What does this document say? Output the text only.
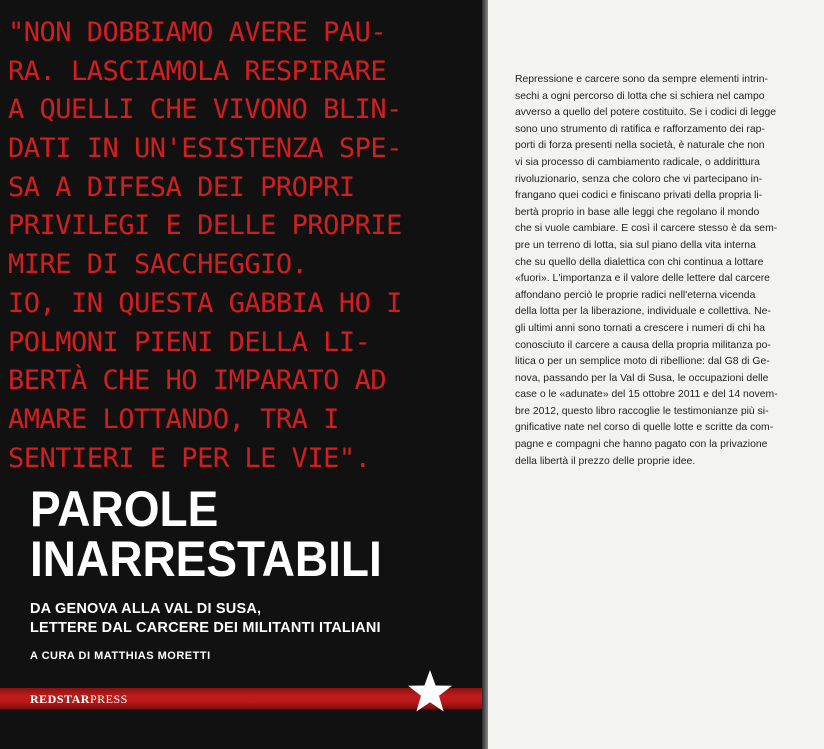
"NON DOBBIAMO AVERE PAU-
RA. LASCIAMOLA RESPIRARE
A QUELLI CHE VIVONO BLIN-
DATI IN UN'ESISTENZA SPE-
SA A DIFESA DEI PROPRI
PRIVILEGI E DELLE PROPRIE
MIRE DI SACCHEGGIO.
IO, IN QUESTA GABBIA HO I
POLMONI PIENI DELLA LI-
BERTÀ CHE HO IMPARATO AD
AMARE LOTTANDO, TRA I
SENTIERI E PER LE VIE".
PAROLE
INARRESTABILI
DA GENOVA ALLA VAL DI SUSA,
LETTERE DAL CARCERE DEI MILITANTI ITALIANI
A CURA DI MATTHIAS MORETTI
REDSTARPRESS
Repressione e carcere sono da sempre elementi intrin-
sechi a ogni percorso di lotta che si schiera nel campo
avverso a quello del potere costituito. Se i codici di legge
sono uno strumento di ratifica e rafforzamento dei rap-
porti di forza presenti nella società, è naturale che non
vi sia processo di cambiamento radicale, o addirittura
rivoluzionario, senza che coloro che vi partecipano in-
frangano quei codici e finiscano privati della propria li-
bertà proprio in base alle leggi che regolano il mondo
che si vuole cambiare. E così il carcere stesso è da sem-
pre un terreno di lotta, sia sul piano della vita interna
che su quello della dialettica con chi continua a lottare
«fuori». L'importanza e il valore delle lettere dal carcere
affondano perciò le proprie radici nell'eterna vicenda
della lotta per la liberazione, individuale e collettiva. Ne-
gli ultimi anni sono tornati a crescere i numeri di chi ha
conosciuto il carcere a causa della propria militanza po-
litica o per un semplice moto di ribellione: dal G8 di Ge-
nova, passando per la Val di Susa, le occupazioni delle
case o le «adunate» del 15 ottobre 2011 e del 14 novem-
bre 2012, questo libro raccoglie le testimonianze più si-
gnificative nate nel corso di quelle lotte e scritte da com-
pagne e compagni che hanno pagato con la privazione
della libertà il prezzo delle proprie idee.
